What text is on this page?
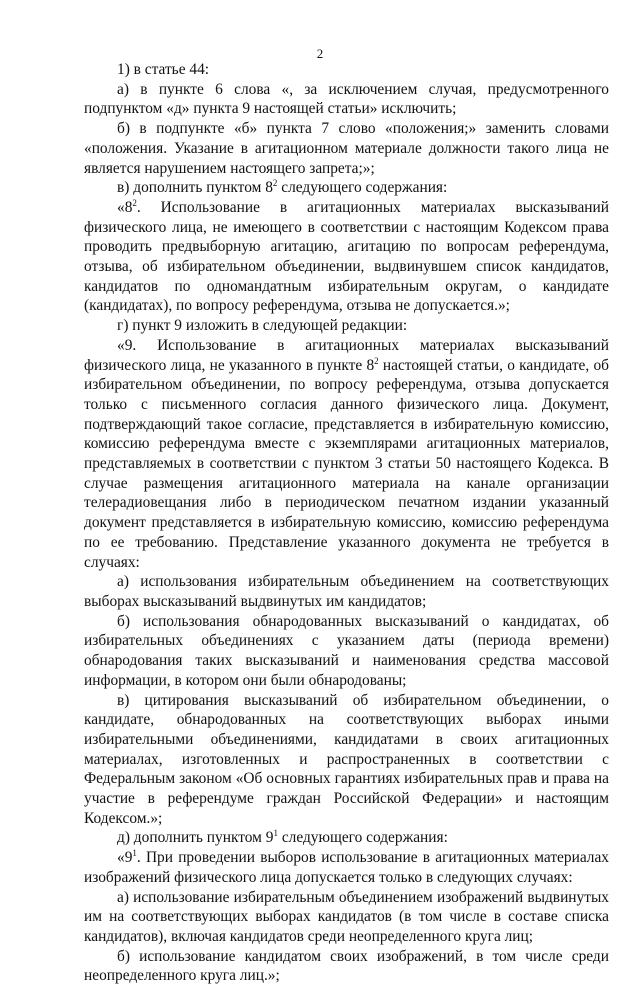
2

1) в статье 44:

а) в пункте 6 слова «, за исключением случая, предусмотренного подпунктом «д» пункта 9 настоящей статьи» исключить;

б) в подпункте «б» пункта 7 слово «положения;» заменить словами «положения. Указание в агитационном материале должности такого лица не является нарушением настоящего запрета;»;

в) дополнить пунктом $8^2$ следующего содержания:

«$8^2$. Использование в агитационных материалах высказываний физического лица, не имеющего в соответствии с настоящим Кодексом права проводить предвыборную агитацию, агитацию по вопросам референдума, отзыва, об избирательном объединении, выдвинувшем список кандидатов, кандидатов по одномандатным избирательным округам, о кандидате (кандидатах), по вопросу референдума, отзыва не допускается.»;

г) пункт 9 изложить в следующей редакции:

«9. Использование в агитационных материалах высказываний физического лица, не указанного в пункте $8^2$ настоящей статьи, о кандидате, об избирательном объединении, по вопросу референдума, отзыва допускается только с письменного согласия данного физического лица. Документ, подтверждающий такое согласие, представляется в избирательную комиссию, комиссию референдума вместе с экземплярами агитационных материалов, представляемых в соответствии с пунктом 3 статьи 50 настоящего Кодекса. В случае размещения агитационного материала на канале организации телерадиовещания либо в периодическом печатном издании указанный документ представляется в избирательную комиссию, комиссию референдума по ее требованию. Представление указанного документа не требуется в случаях:

а) использования избирательным объединением на соответствующих выборах высказываний выдвинутых им кандидатов;

б) использования обнародованных высказываний о кандидатах, об избирательных объединениях с указанием даты (периода времени) обнародования таких высказываний и наименования средства массовой информации, в котором они были обнародованы;

в) цитирования высказываний об избирательном объединении, о кандидате, обнародованных на соответствующих выборах иными избирательными объединениями, кандидатами в своих агитационных материалах, изготовленных и распространенных в соответствии с Федеральным законом «Об основных гарантиях избирательных прав и права на участие в референдуме граждан Российской Федерации» и настоящим Кодексом.»;

д) дополнить пунктом $9^1$ следующего содержания:

«$9^1$. При проведении выборов использование в агитационных материалах изображений физического лица допускается только в следующих случаях:

а) использование избирательным объединением изображений выдвинутых им на соответствующих выборах кандидатов (в том числе в составе списка кандидатов), включая кандидатов среди неопределенного круга лиц;

б) использование кандидатом своих изображений, в том числе среди неопределенного круга лиц.»;
